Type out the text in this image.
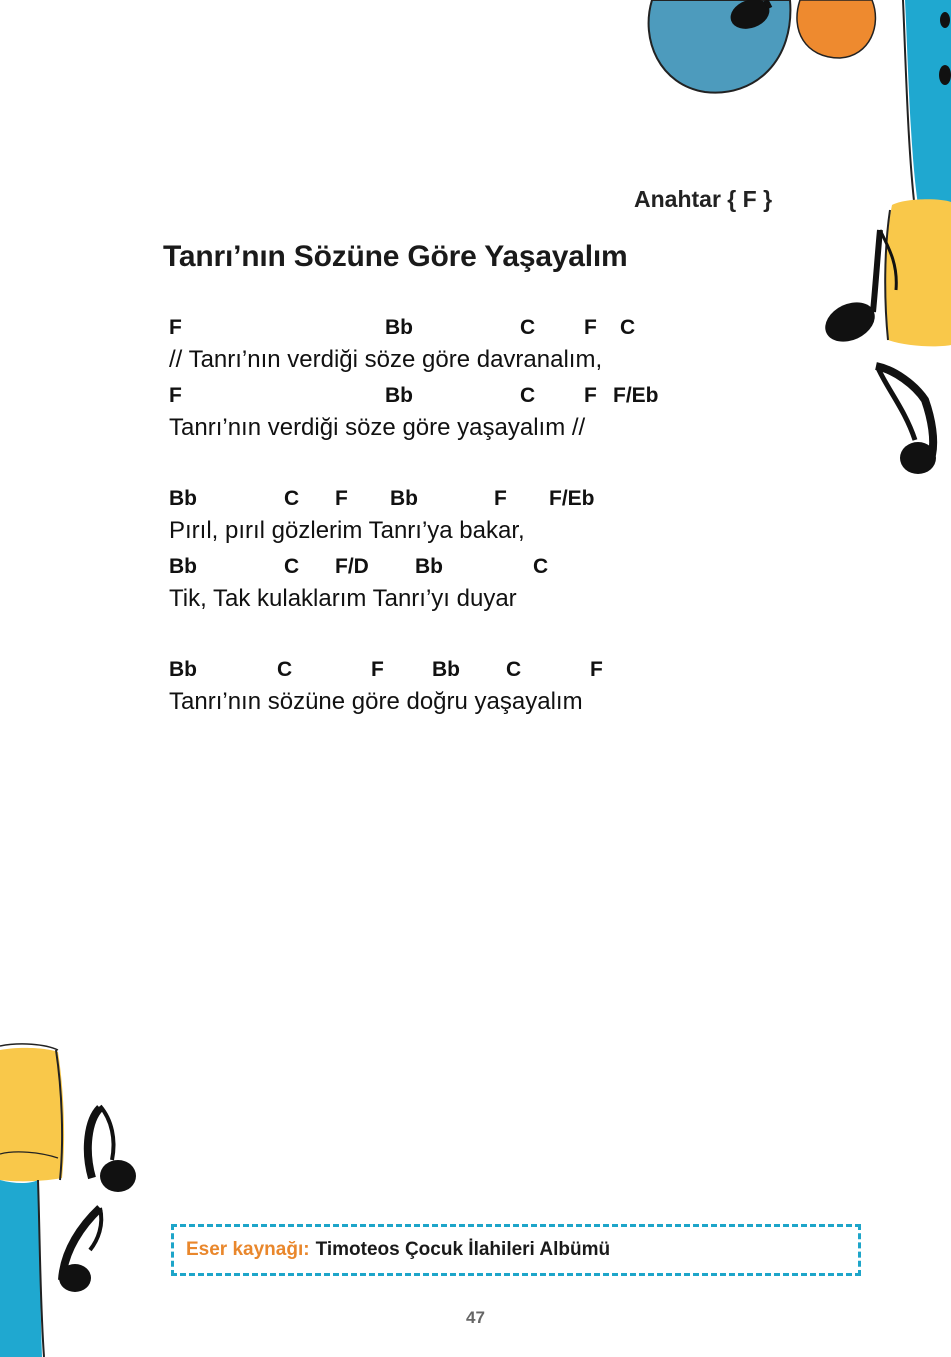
Anahtar { F }
Tanrı’nın Sözüne Göre Yaşayalım
F	Bb	C F C
// Tanrı’nın verdiği söze göre davranalım,
F	Bb	C F F/Eb
Tanrı’nın verdiği söze göre yaşayalım //
Bb	C F Bb	F F/Eb
Pırıl, pırıl gözlerim Tanrı’ya bakar,
Bb	C F/D Bb	C
Tik, Tak kulaklarım Tanrı’yı duyar
Bb	C	F Bb C	F
Tanrı’nın sözüne göre doğru yaşayalım
Eser kaynağı: Timoteos Çocuk İlahileri Albümü
47
